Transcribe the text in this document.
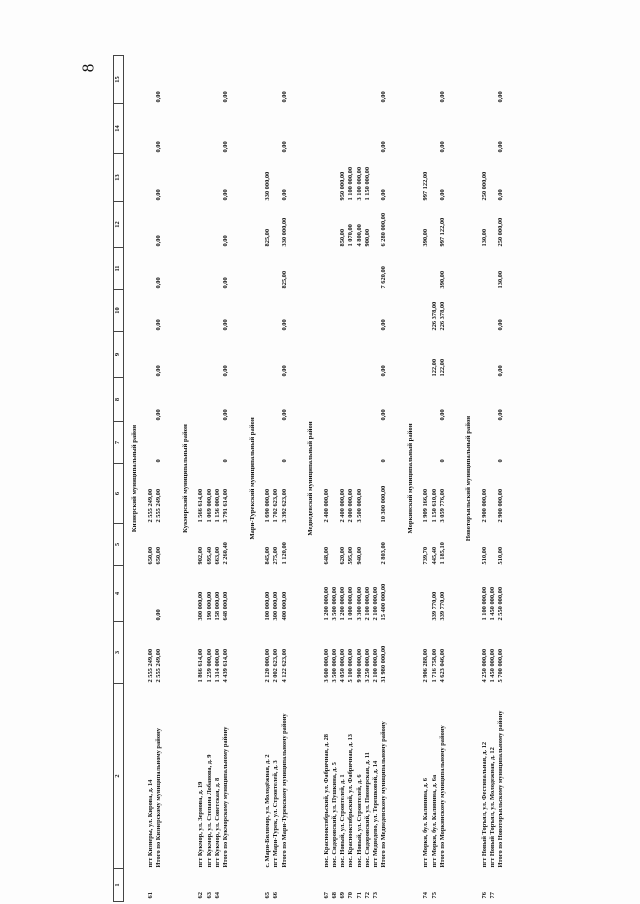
8
1	2	3	4	5	6	7	8	9	10	11	12	13	14	15

Кизнерский муниципальный район														

61	пгт Кизнеры, ул. Кирова, д. 14	2 555 249,00		650,00	2 555 249,00									
	Итого по Кизнерскому муниципальному району	2 555 249,00	0,00	650,00	2 555 249,00	0	0,00	0,00	0,00	0,00	0,00	0,00	0,00	0,00

Кукморский муниципальный район														

62	пгт Кукмор, ул. Зернова, д. 19	1 866 614,00	300 000,00	902,00	1 566 614,00									
63	пгт Кукмор, ул. Степана Лобанова, д. 9	1 259 000,00	190 000,00	695,40	1 069 000,00									
64	пгт Кукмор, ул. Советская, д. 8	1 314 000,00	158 000,00	663,00	1 156 000,00									
	Итого по Кукморскому муниципальному району	4 439 614,00	648 000,00	2 260,40	3 791 614,00	0	0,00	0,00	0,00	0,00	0,00	0,00	0,00	0,00

Мари-Турекский муниципальный район														

65	с. Мари-Билямор, ул. Молодёжная, д. 2	2 120 000,00	100 000,00	845,00	1 690 000,00						825,00	330 000,00		
66	пгт Мари-Турек, ул. Строителей, д. 3	2 002 623,00	300 000,00	275,00	1 702 623,00									
	Итого по Мари-Турекскому муниципальному району	4 122 623,00	400 000,00	1 120,00	3 392 623,00	0	0,00	0,00	0,00	825,00	330 000,00	0,00	0,00	0,00

Медведевский муниципальный район														

67	пос. Краснооктябрьский, ул. Фабричная, д. 28	3 600 000,00	1 200 000,00	648,00	2 400 000,00									
68	пос. Сидоровский, ул. Пушкина, д. 5	3 500 000,00	3 500 000,00											
69	пос. Новый, ул. Строителей, д. 1	4 050 000,00	1 200 000,00	620,00	2 400 000,00						850,00	950 000,00		
70	пос. Краснооктябрьский, ул. Фабричная, д. 13	5 100 000,00	1 000 000,00	595,00	2 000 000,00						1 070,00	1 100 000,00		
71	пос. Новый, ул. Строителей, д. 6	9 900 000,00	3 300 000,00	940,00	3 500 000,00						4 800,00	3 100 000,00		
72	пос. Сидоровский, ул. Пионерская, д. 11	3 250 000,00	2 100 000,00								900,00	1 150 000,00		
73	пгт Медведево, ул. Терешковой, д. 14	2 100 000,00	2 100 000,00											
	Итого по Медведевскому муниципальному району	31 980 000,00	15 400 000,00	2 803,00	10 300 000,00	0	0,00	0,00	0,00	7 620,00	6 280 000,00	0,00	0,00	0,00

Моркинский муниципальный район														

74	пгт Морки, бул. Калинина, д. 6	2 906 288,00		739,70	1 909 166,00						390,00	997 122,00		
75	пгт Морки, бул. Калинина, д. 6а	1 716 758,00	339 770,00	445,40	1 150 610,00			122,00	226 378,00					
	Итого по Моркинскому муниципальному району	4 623 046,00	339 770,00	1 185,10	3 059 776,00	0	0,00	122,00	226 378,00	390,00	997 122,00	0,00	0,00	0,00

Новоторъяльский муниципальный район														

76	пгт Новый Торъял, ул. Фестивальная, д. 12	4 250 000,00	1 100 000,00	510,00	2 900 000,00						130,00	250 000,00		
77	пгт Новый Торъял, ул. Молодежная, д. 12	1 450 000,00	1 450 000,00											
	Итого по Новоторъяльскому муниципальному району	5 700 000,00	2 550 000,00	510,00	2 900 000,00	0	0,00	0,00	0,00	130,00	250 000,00	0,00	0,00	0,00
